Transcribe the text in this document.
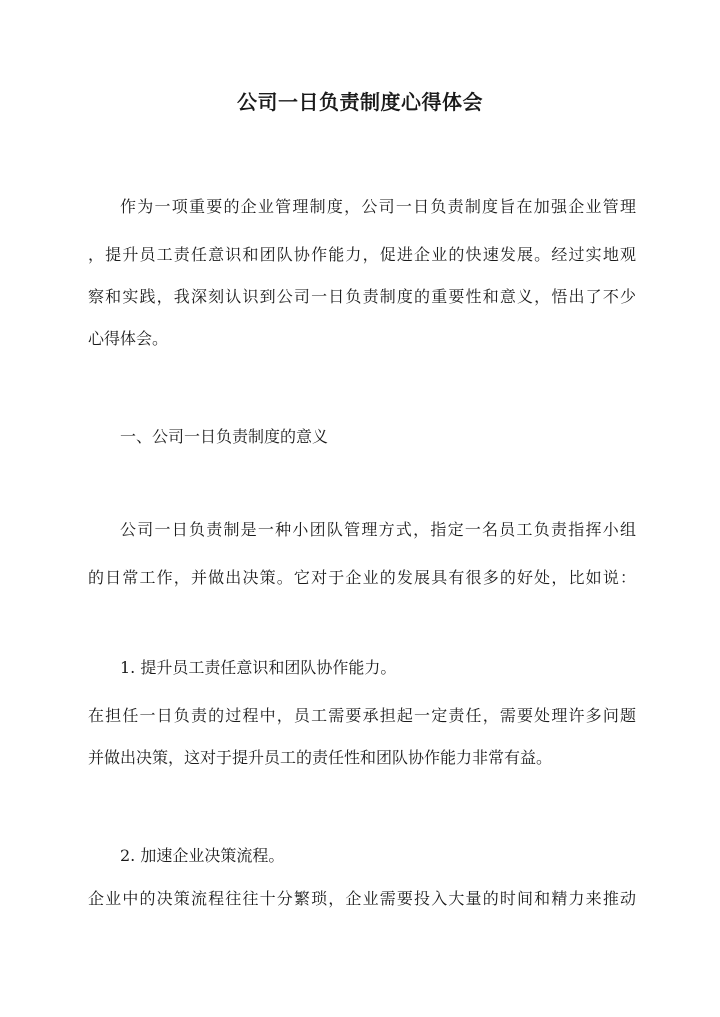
公司一日负责制度心得体会

作为一项重要的企业管理制度，公司一日负责制度旨在加强企业管理

，提升员工责任意识和团队协作能力，促进企业的快速发展。经过实地观

察和实践，我深刻认识到公司一日负责制度的重要性和意义，悟出了不少

心得体会。

一、公司一日负责制度的意义

公司一日负责制是一种小团队管理方式，指定一名员工负责指挥小组

的日常工作，并做出决策。它对于企业的发展具有很多的好处，比如说：

1. 提升员工责任意识和团队协作能力。

在担任一日负责的过程中，员工需要承担起一定责任，需要处理许多问题

并做出决策，这对于提升员工的责任性和团队协作能力非常有益。

2. 加速企业决策流程。

企业中的决策流程往往十分繁琐，企业需要投入大量的时间和精力来推动
